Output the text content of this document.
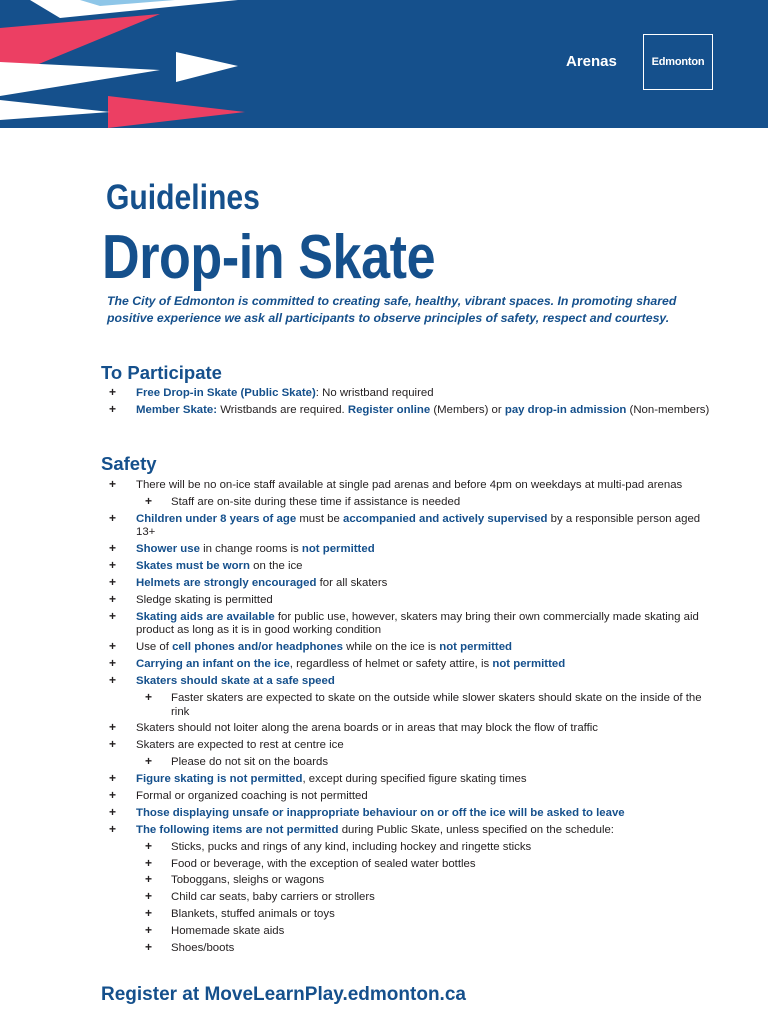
Arenas	Edmonton
Guidelines
Drop-in Skate
The City of Edmonton is committed to creating safe, healthy, vibrant spaces. In promoting shared positive experience we ask all participants to observe principles of safety, respect and courtesy.
To Participate
+ Free Drop-in Skate (Public Skate): No wristband required
+ Member Skate: Wristbands are required. Register online (Members) or pay drop-in admission (Non-members)
Safety
+ There will be no on-ice staff available at single pad arenas and before 4pm on weekdays at multi-pad arenas
+ Staff are on-site during these time if assistance is needed
+ Children under 8 years of age must be accompanied and actively supervised by a responsible person aged 13+
+ Shower use in change rooms is not permitted
+ Skates must be worn on the ice
+ Helmets are strongly encouraged for all skaters
+ Sledge skating is permitted
+ Skating aids are available for public use, however, skaters may bring their own commercially made skating aid product as long as it is in good working condition
+ Use of cell phones and/or headphones while on the ice is not permitted
+ Carrying an infant on the ice, regardless of helmet or safety attire, is not permitted
+ Skaters should skate at a safe speed
+ Faster skaters are expected to skate on the outside while slower skaters should skate on the inside of the rink
+ Skaters should not loiter along the arena boards or in areas that may block the flow of traffic
+ Skaters are expected to rest at centre ice
+ Please do not sit on the boards
+ Figure skating is not permitted, except during specified figure skating times
+ Formal or organized coaching is not permitted
+ Those displaying unsafe or inappropriate behaviour on or off the ice will be asked to leave
+ The following items are not permitted during Public Skate, unless specified on the schedule:
+ Sticks, pucks and rings of any kind, including hockey and ringette sticks
+ Food or beverage, with the exception of sealed water bottles
+ Toboggans, sleighs or wagons
+ Child car seats, baby carriers or strollers
+ Blankets, stuffed animals or toys
+ Homemade skate aids
+ Shoes/boots
Register at MoveLearnPlay.edmonton.ca
